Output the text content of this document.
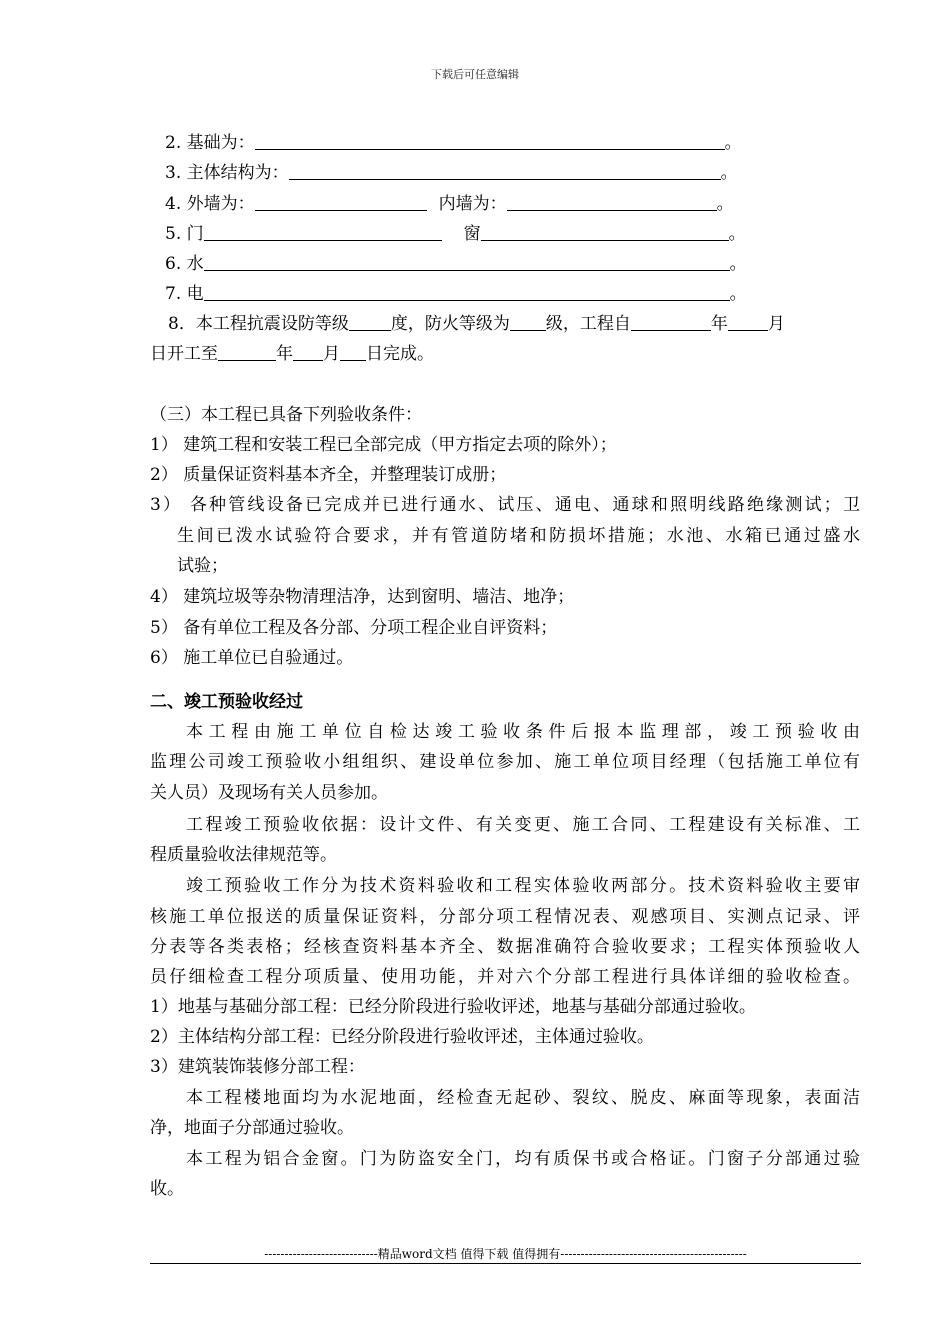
下载后可任意编辑
2. 基础为：	。
3. 主体结构为：	。
4. 外墙为：	内墙为：	。
5. 门	窗	。
6. 水	。
7. 电	。
8．本工程抗震设防等级 度，防火等级为 级，工程自	年 月
日开工至	年 月 日完成。
（三）本工程已具备下列验收条件：
1） 建筑工程和安装工程已全部完成（甲方指定去项的除外）；
2） 质量保证资料基本齐全，并整理装订成册；
3） 各种管线设备已完成并已进行通水、试压、通电、通球和照明线路绝缘测试；卫
生间已泼水试验符合要求，并有管道防堵和防损坏措施；水池、水箱已通过盛水
试验；
4） 建筑垃圾等杂物清理洁净，达到窗明、墙洁、地净；
5） 备有单位工程及各分部、分项工程企业自评资料；
6） 施工单位已自验通过。
二、竣工预验收经过
本工程由施工单位自检达竣工验收条件后报本监理部，竣工预验收由
监理公司竣工预验收小组组织、建设单位参加、施工单位项目经理（包括施工单位有
关人员）及现场有关人员参加。
工程竣工预验收依据：设计文件、有关变更、施工合同、工程建设有关标准、工
程质量验收法律规范等。
竣工预验收工作分为技术资料验收和工程实体验收两部分。技术资料验收主要审
核施工单位报送的质量保证资料，分部分项工程情况表、观感项目、实测点记录、评
分表等各类表格；经核查资料基本齐全、数据准确符合验收要求；工程实体预验收人
员仔细检查工程分项质量、使用功能，并对六个分部工程进行具体详细的验收检查。
1）地基与基础分部工程：已经分阶段进行验收评述，地基与基础分部通过验收。
2）主体结构分部工程：已经分阶段进行验收评述，主体通过验收。
3）建筑装饰装修分部工程：
本工程楼地面均为水泥地面，经检查无起砂、裂纹、脱皮、麻面等现象，表面洁
净，地面子分部通过验收。
本工程为铝合金窗。门为防盗安全门，均有质保书或合格证。门窗子分部通过验
收。
----------------------------精品word文档 值得下载 值得拥有----------------------------------------------
